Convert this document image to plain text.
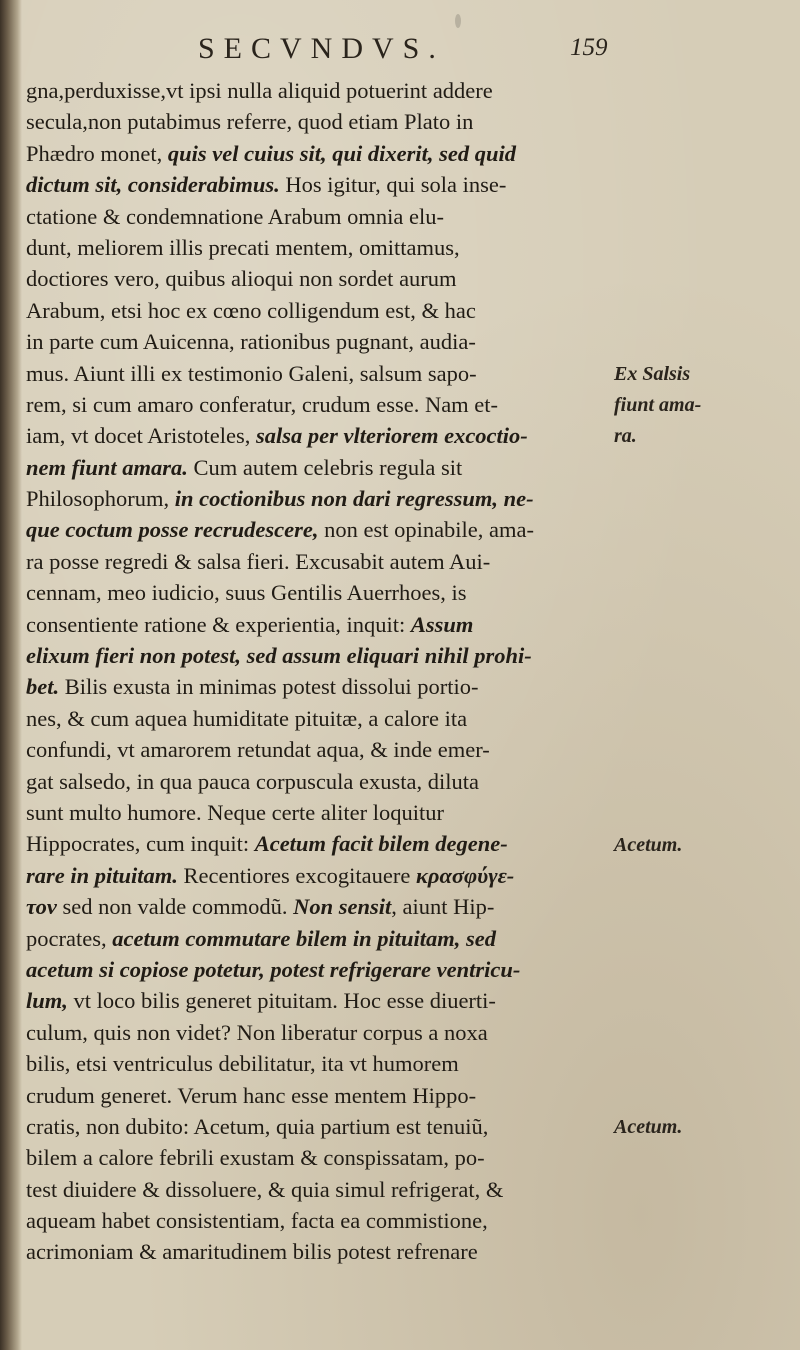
SECVNDVS.	159
gna,perduxisse,vt ipsi nulla aliquid potuerint addere
secula,non putabimus referre, quod etiam Plato in
Phædro monet, quis vel cuius sit, qui dixerit, sed quid
dictum sit, considerabimus. Hos igitur, qui sola inse-
ctatione & condemnatione Arabum omnia elu-
dunt, meliorem illis precati mentem, omittamus,
doctiores vero, quibus alioqui non sordet aurum
Arabum, etsi hoc ex cœno colligendum est, & hac
in parte cum Auicenna, rationibus pugnant, audia-
mus. Aiunt illi ex testimonio Galeni, salsum sapo-
rem, si cum amaro conferatur, crudum esse. Nam et-
iam, vt docet Aristoteles, salsa per vlteriorem excoctio-
nem fiunt amara. Cum autem celebris regula sit
Philosophorum, in coctionibus non dari regressum, ne-
que coctum posse recrudescere, non est opinabile, ama-
ra posse regredi & salsa fieri. Excusabit autem Aui-
cennam, meo iudicio, suus Gentilis Auerrhoes, is
consentiente ratione & experientia, inquit: Assum
elixum fieri non potest, sed assum eliquari nihil prohi-
bet. Bilis exusta in minimas potest dissolui portio-
nes, & cum aquea humiditate pituitæ, a calore ita
confundi, vt amarorem retundat aqua, & inde emer-
gat salsedo, in qua pauca corpuscula exusta, diluta
sunt multo humore. Neque certe aliter loquitur
Hippocrates, cum inquit: Acetum facit bilem degene-
rare in pituitam. Recentiores excogitauere κρασφύγε-
τον sed non valde commodũ. Non sensit, aiunt Hip-
pocrates, acetum commutare bilem in pituitam, sed
acetum si copiose potetur, potest refrigerare ventricu-
lum, vt loco bilis generet pituitam. Hoc esse diuerti-
culum, quis non videt? Non liberatur corpus a noxa
bilis, etsi ventriculus debilitatur, ita vt humorem
crudum generet. Verum hanc esse mentem Hippo-
cratis, non dubito: Acetum, quia partium est tenuiũ,
bilem a calore febrili exustam & conspissatam, po-
test diuidere & dissoluere, & quia simul refrigerat, &
aqueam habet consistentiam, facta ea commistione,
acrimoniam & amaritudinem bilis potest refrenare
Ex Salsis
fiunt ama-
ra.
Acetum.
Acetum.
